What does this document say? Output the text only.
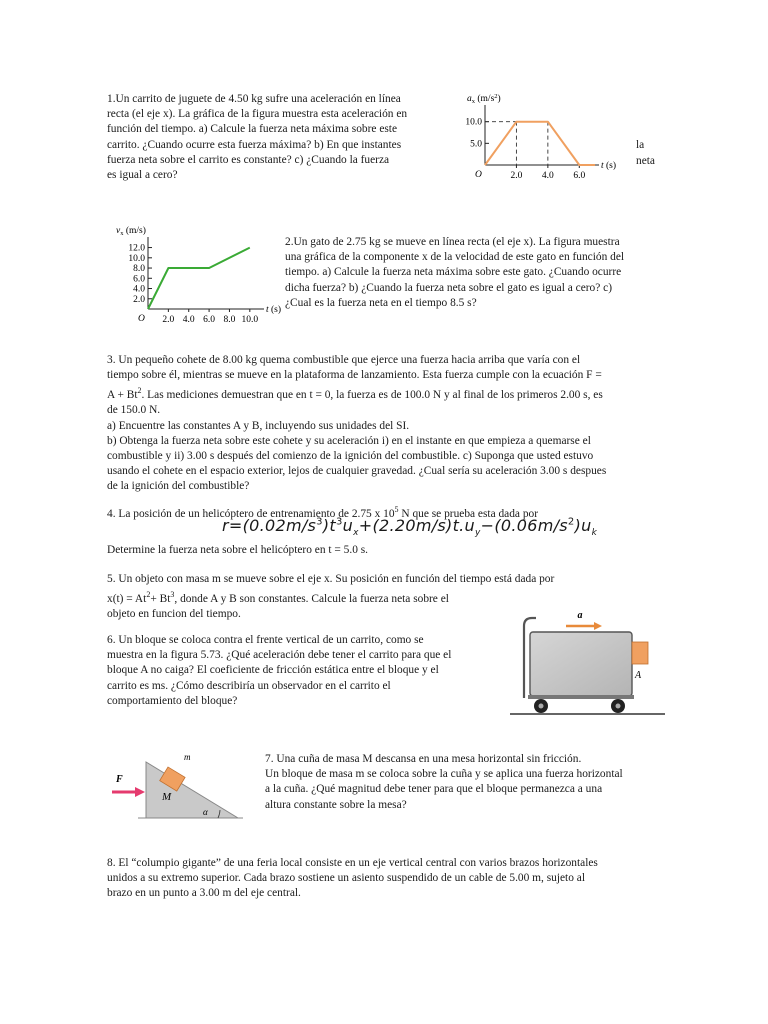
1.Un carrito de juguete de 4.50 kg sufre una aceleración en línea
recta (el eje x). La gráfica de la figura muestra esta aceleración en
función del tiempo. a) Calcule la fuerza neta máxima sobre este
carrito. ¿Cuando ocurre esta fuerza máxima? b) En que instantes
fuerza neta sobre el carrito es constante? c) ¿Cuando la fuerza
es igual a cero?
la
neta
$a_x$ $(m/s^2)$
t (s)
O	2.0 4.0 6.0
5.0
10.0
$v_x$ (m/s)
t (s)
O 2.0 4.0 6.0 8.0 10.0
2.0
4.0
6.0
8.0
10.0
12.0
2.Un gato de 2.75 kg se mueve en línea recta (el eje x). La figura muestra
una gráfica de la componente x de la velocidad de este gato en función del
tiempo. a) Calcule la fuerza neta máxima sobre este gato. ¿Cuando ocurre
dicha fuerza? b) ¿Cuando la fuerza neta sobre el gato es igual a cero? c)
¿Cual es la fuerza neta en el tiempo 8.5 s?
3. Un pequeño cohete de 8.00 kg quema combustible que ejerce una fuerza hacia arriba que varía con el
tiempo sobre él, mientras se mueve en la plataforma de lanzamiento. Esta fuerza cumple con la ecuación F =
$A + Bt^2$. Las mediciones demuestran que en t = 0, la fuerza es de 100.0 N y al final de los primeros 2.00 s, es
de 150.0 N.
a) Encuentre las constantes A y B, incluyendo sus unidades del SI.
b) Obtenga la fuerza neta sobre este cohete y su aceleración i) en el instante en que empieza a quemarse el
combustible y ii) 3.00 s después del comienzo de la ignición del combustible. c) Suponga que usted estuvo
usando el cohete en el espacio exterior, lejos de cualquier gravedad. ¿Cual sería su aceleración 3.00 s despues
de la ignición del combustible?
4. La posición de un helicóptero de entrenamiento de 2.75 x $10^5$ N que se prueba esta dada por
$r=(0.02m/s^3)t^3u_x+(2.20m/s)t.u_y-(0.06m/s^2)u_k$
Determine la fuerza neta sobre el helicóptero en t = 5.0 s.
5. Un objeto con masa m se mueve sobre el eje x. Su posición en función del tiempo está dada por
$x(t) = At^2+ Bt^3$, donde A y B son constantes. Calcule la fuerza neta sobre el
objeto en funcion del tiempo.
6. Un bloque se coloca contra el frente vertical de un carrito, como se
muestra en la figura 5.73. ¿Qué aceleración debe tener el carrito para que el
bloque A no caiga? El coeficiente de fricción estática entre el bloque y el
carrito es ms. ¿Cómo describiría un observador en el carrito el
comportamiento del bloque?
a
A
F
M
m
α
7. Una cuña de masa M descansa en una mesa horizontal sin fricción.
Un bloque de masa m se coloca sobre la cuña y se aplica una fuerza horizontal
a la cuña. ¿Qué magnitud debe tener para que el bloque permanezca a una
altura constante sobre la mesa?
8. El “columpio gigante” de una feria local consiste en un eje vertical central con varios brazos horizontales
unidos a su extremo superior. Cada brazo sostiene un asiento suspendido de un cable de 5.00 m, sujeto al
brazo en un punto a 3.00 m del eje central.
